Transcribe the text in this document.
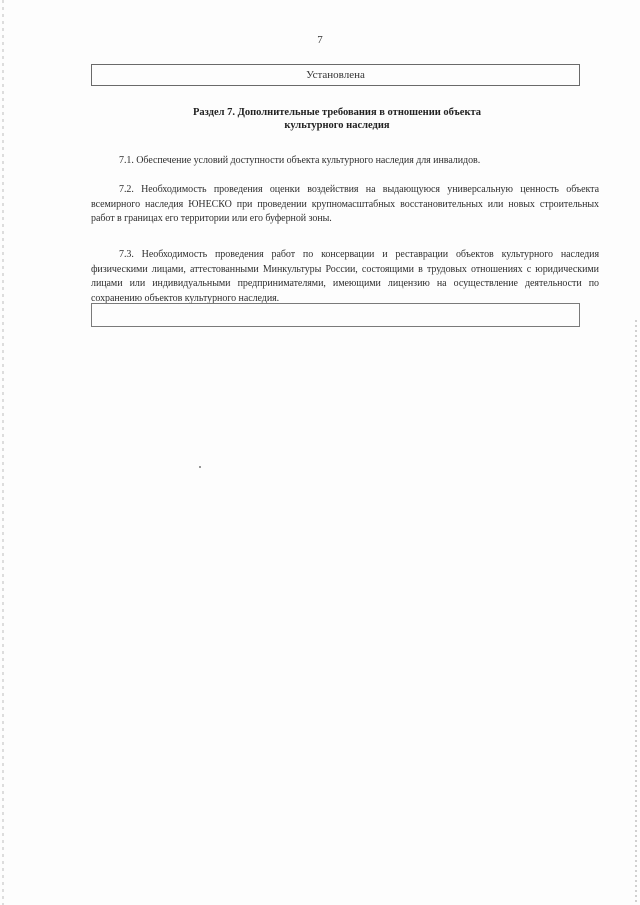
7
Установлена
Раздел 7. Дополнительные требования в отношении объекта
культурного наследия

7.1. Обеспечение условий доступности объекта культурного наследия для инвалидов.

7.2. Необходимость проведения оценки воздействия на выдающуюся универсальную ценность объекта всемирного наследия ЮНЕСКО при проведении крупномасштабных восстановительных или новых строительных работ в границах его территории или его буферной зоны.

7.3. Необходимость проведения работ по консервации и реставрации объектов культурного наследия физическими лицами, аттестованными Минкультуры России, состоящими в трудовых отношениях с юридическими лицами или индивидуальными предпринимателями, имеющими лицензию на осуществление деятельности по сохранению объектов культурного наследия.
